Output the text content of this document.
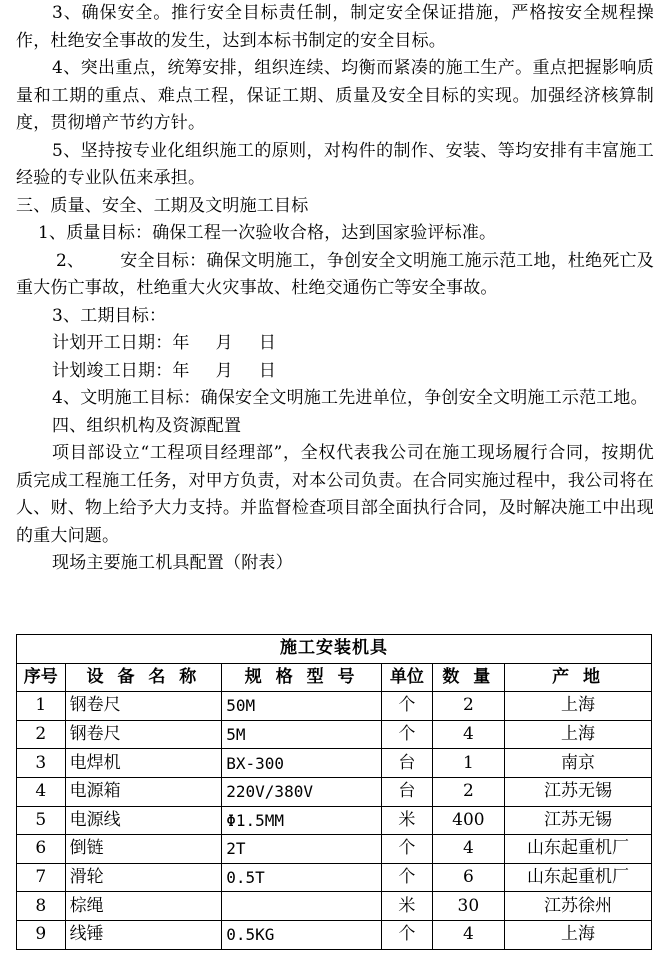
3、确保安全。推行安全目标责任制，制定安全保证措施，严格按安全规程操作，杜绝安全事故的发生，达到本标书制定的安全目标。

4、突出重点，统筹安排，组织连续、均衡而紧凑的施工生产。重点把握影响质量和工期的重点、难点工程，保证工期、质量及安全目标的实现。加强经济核算制度，贯彻增产节约方针。

5、坚持按专业化组织施工的原则，对构件的制作、安装、等均安排有丰富施工经验的专业队伍来承担。

三、质量、安全、工期及文明施工目标

1、质量目标：确保工程一次验收合格，达到国家验评标准。

2、 安全目标：确保文明施工，争创安全文明施工施示范工地，杜绝死亡及重大伤亡事故，杜绝重大火灾事故、杜绝交通伤亡等安全事故。

3、工期目标：

计划开工日期：年 月 日

计划竣工日期：年 月 日

4、文明施工目标：确保安全文明施工先进单位，争创安全文明施工示范工地。

四、组织机构及资源配置

项目部设立“工程项目经理部”，全权代表我公司在施工现场履行合同，按期优质完成工程施工任务，对甲方负责，对本公司负责。在合同实施过程中，我公司将在人、财、物上给予大力支持。并监督检查项目部全面执行合同，及时解决施工中出现的重大问题。

现场主要施工机具配置（附表）

施工安装机具					
序号	设 备 名 称	规 格 型 号	单位	数 量	产 地
1	钢卷尺	50M	个	2	上海
2	钢卷尺	5M	个	4	上海
3	电焊机	BX-300	台	1	南京
4	电源箱	220V/380V	台	2	江苏无锡
5	电源线	Φ1.5MM	米	400	江苏无锡
6	倒链	2T	个	4	山东起重机厂
7	滑轮	0.5T	个	6	山东起重机厂
8	棕绳		米	30	江苏徐州
9	线锤	0.5KG	个	4	上海
